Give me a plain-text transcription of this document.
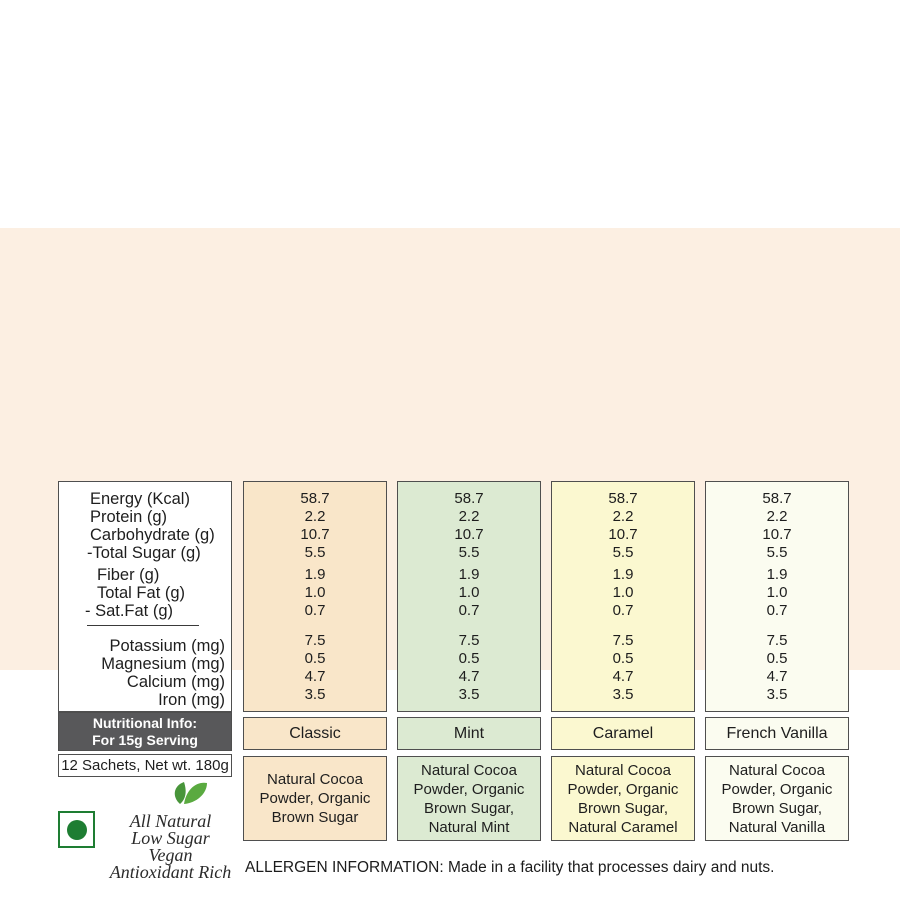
Energy (Kcal)
Protein (g)
Carbohydrate (g)
-Total Sugar (g)
Fiber (g)
Total Fat (g)
- Sat.Fat (g)
Potassium (mg)
Magnesium (mg)
Calcium (mg)
Iron (mg)
Nutritional Info:
For 15g Serving
12 Sachets, Net wt. 180g
All Natural
Low Sugar
Vegan
Antioxidant Rich
58.7
2.2
10.7
5.5
1.9
1.0
0.7
7.5
0.5
4.7
3.5
Classic
Natural Cocoa Powder, Organic Brown Sugar
58.7
2.2
10.7
5.5
1.9
1.0
0.7
7.5
0.5
4.7
3.5
Mint
Natural Cocoa Powder, Organic Brown Sugar, Natural Mint
58.7
2.2
10.7
5.5
1.9
1.0
0.7
7.5
0.5
4.7
3.5
Caramel
Natural Cocoa Powder, Organic Brown Sugar, Natural Caramel
58.7
2.2
10.7
5.5
1.9
1.0
0.7
7.5
0.5
4.7
3.5
French Vanilla
Natural Cocoa Powder, Organic Brown Sugar, Natural Vanilla
ALLERGEN INFORMATION: Made in a facility that processes dairy and nuts.
